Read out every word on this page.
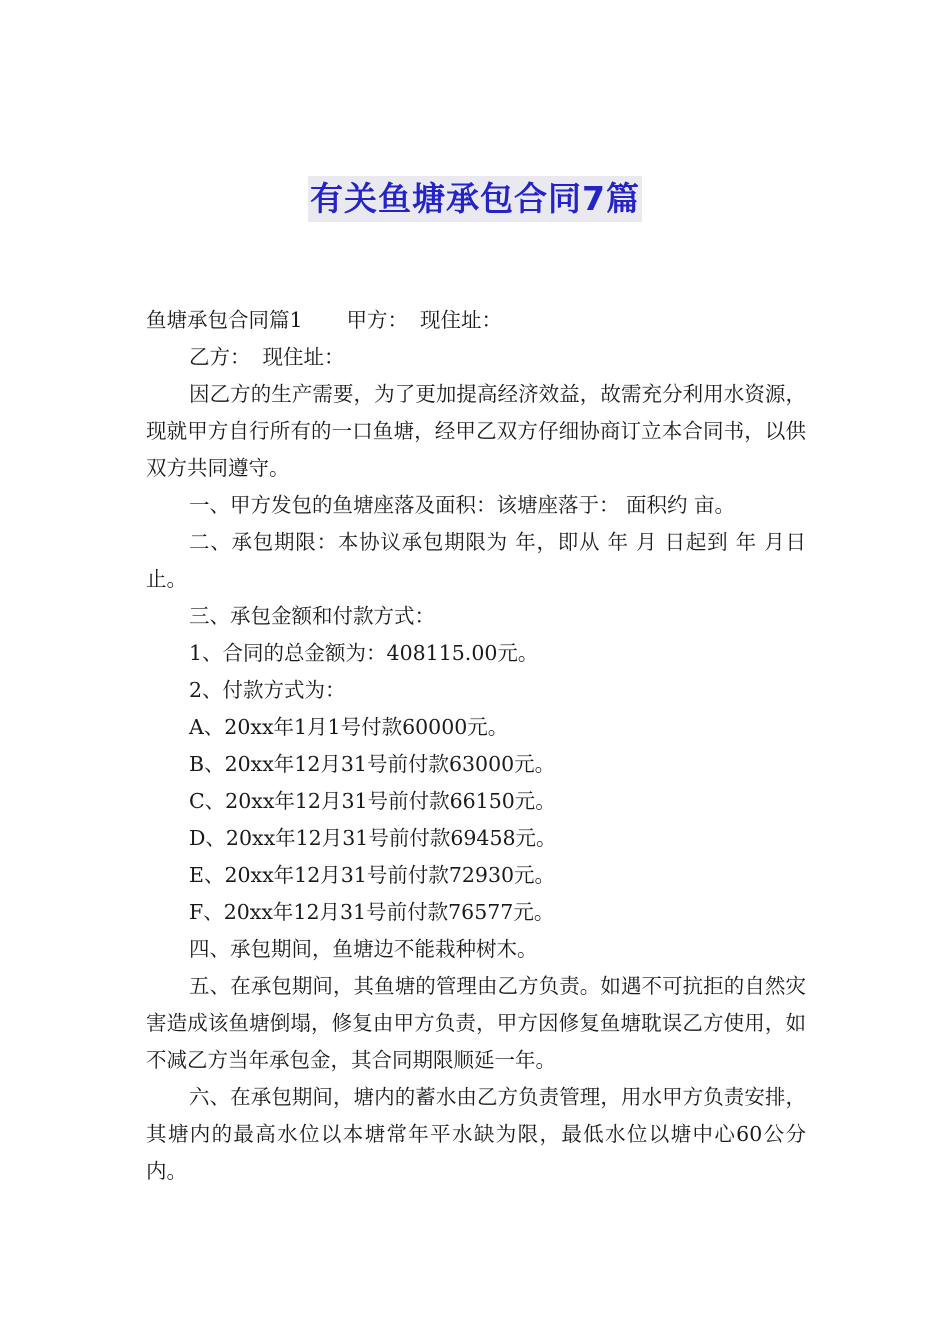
有关鱼塘承包合同7篇

鱼塘承包合同篇1 甲方： 现住址：

乙方： 现住址：

因乙方的生产需要，为了更加提高经济效益，故需充分利用水资源，现就甲方自行所有的一口鱼塘，经甲乙双方仔细协商订立本合同书，以供双方共同遵守。

一、甲方发包的鱼塘座落及面积：该塘座落于： 面积约 亩。

二、承包期限：本协议承包期限为 年，即从 年 月 日起到 年 月日止。

三、承包金额和付款方式：

1、合同的总金额为：408115.00元。

2、付款方式为：

A、20xx年1月1号付款60000元。

B、20xx年12月31号前付款63000元。

C、20xx年12月31号前付款66150元。

D、20xx年12月31号前付款69458元。

E、20xx年12月31号前付款72930元。

F、20xx年12月31号前付款76577元。

四、承包期间，鱼塘边不能栽种树木。

五、在承包期间，其鱼塘的管理由乙方负责。如遇不可抗拒的自然灾害造成该鱼塘倒塌，修复由甲方负责，甲方因修复鱼塘耽误乙方使用，如不减乙方当年承包金，其合同期限顺延一年。

六、在承包期间，塘内的蓄水由乙方负责管理，用水甲方负责安排，其塘内的最高水位以本塘常年平水缺为限，最低水位以塘中心60公分内。
